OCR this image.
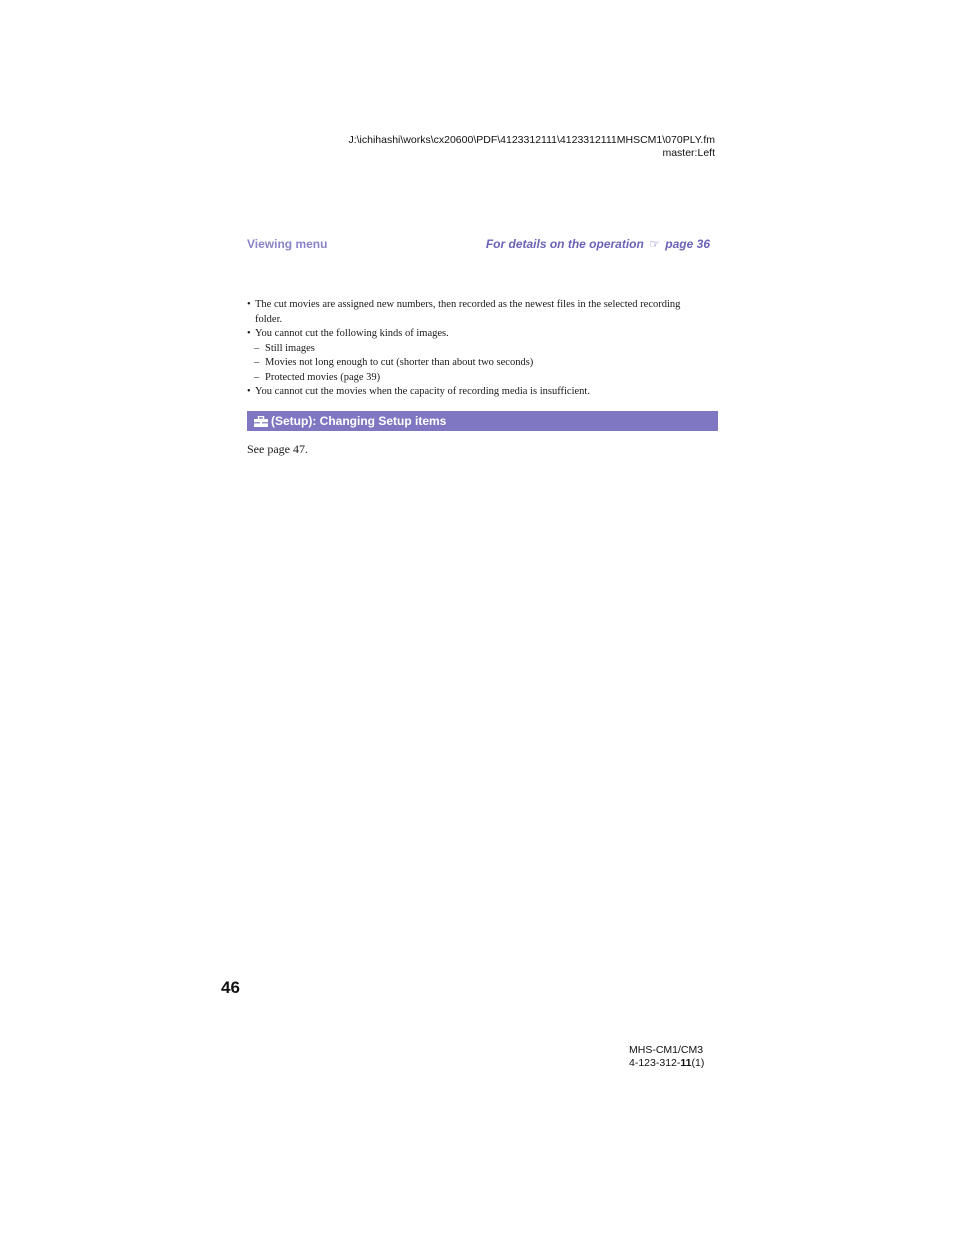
J:\ichihashi\works\cx20600\PDF\4123312111\4123312111MHSCM1\070PLY.fm
master:Left
Viewing menu	For details on the operation ☞ page 36
• The cut movies are assigned new numbers, then recorded as the newest files in the selected recording folder.
• You cannot cut the following kinds of images.
– Still images
– Movies not long enough to cut (shorter than about two seconds)
– Protected movies (page 39)
• You cannot cut the movies when the capacity of recording media is insufficient.
(Setup): Changing Setup items
See page 47.
46
MHS-CM1/CM3
4-123-312-11(1)
